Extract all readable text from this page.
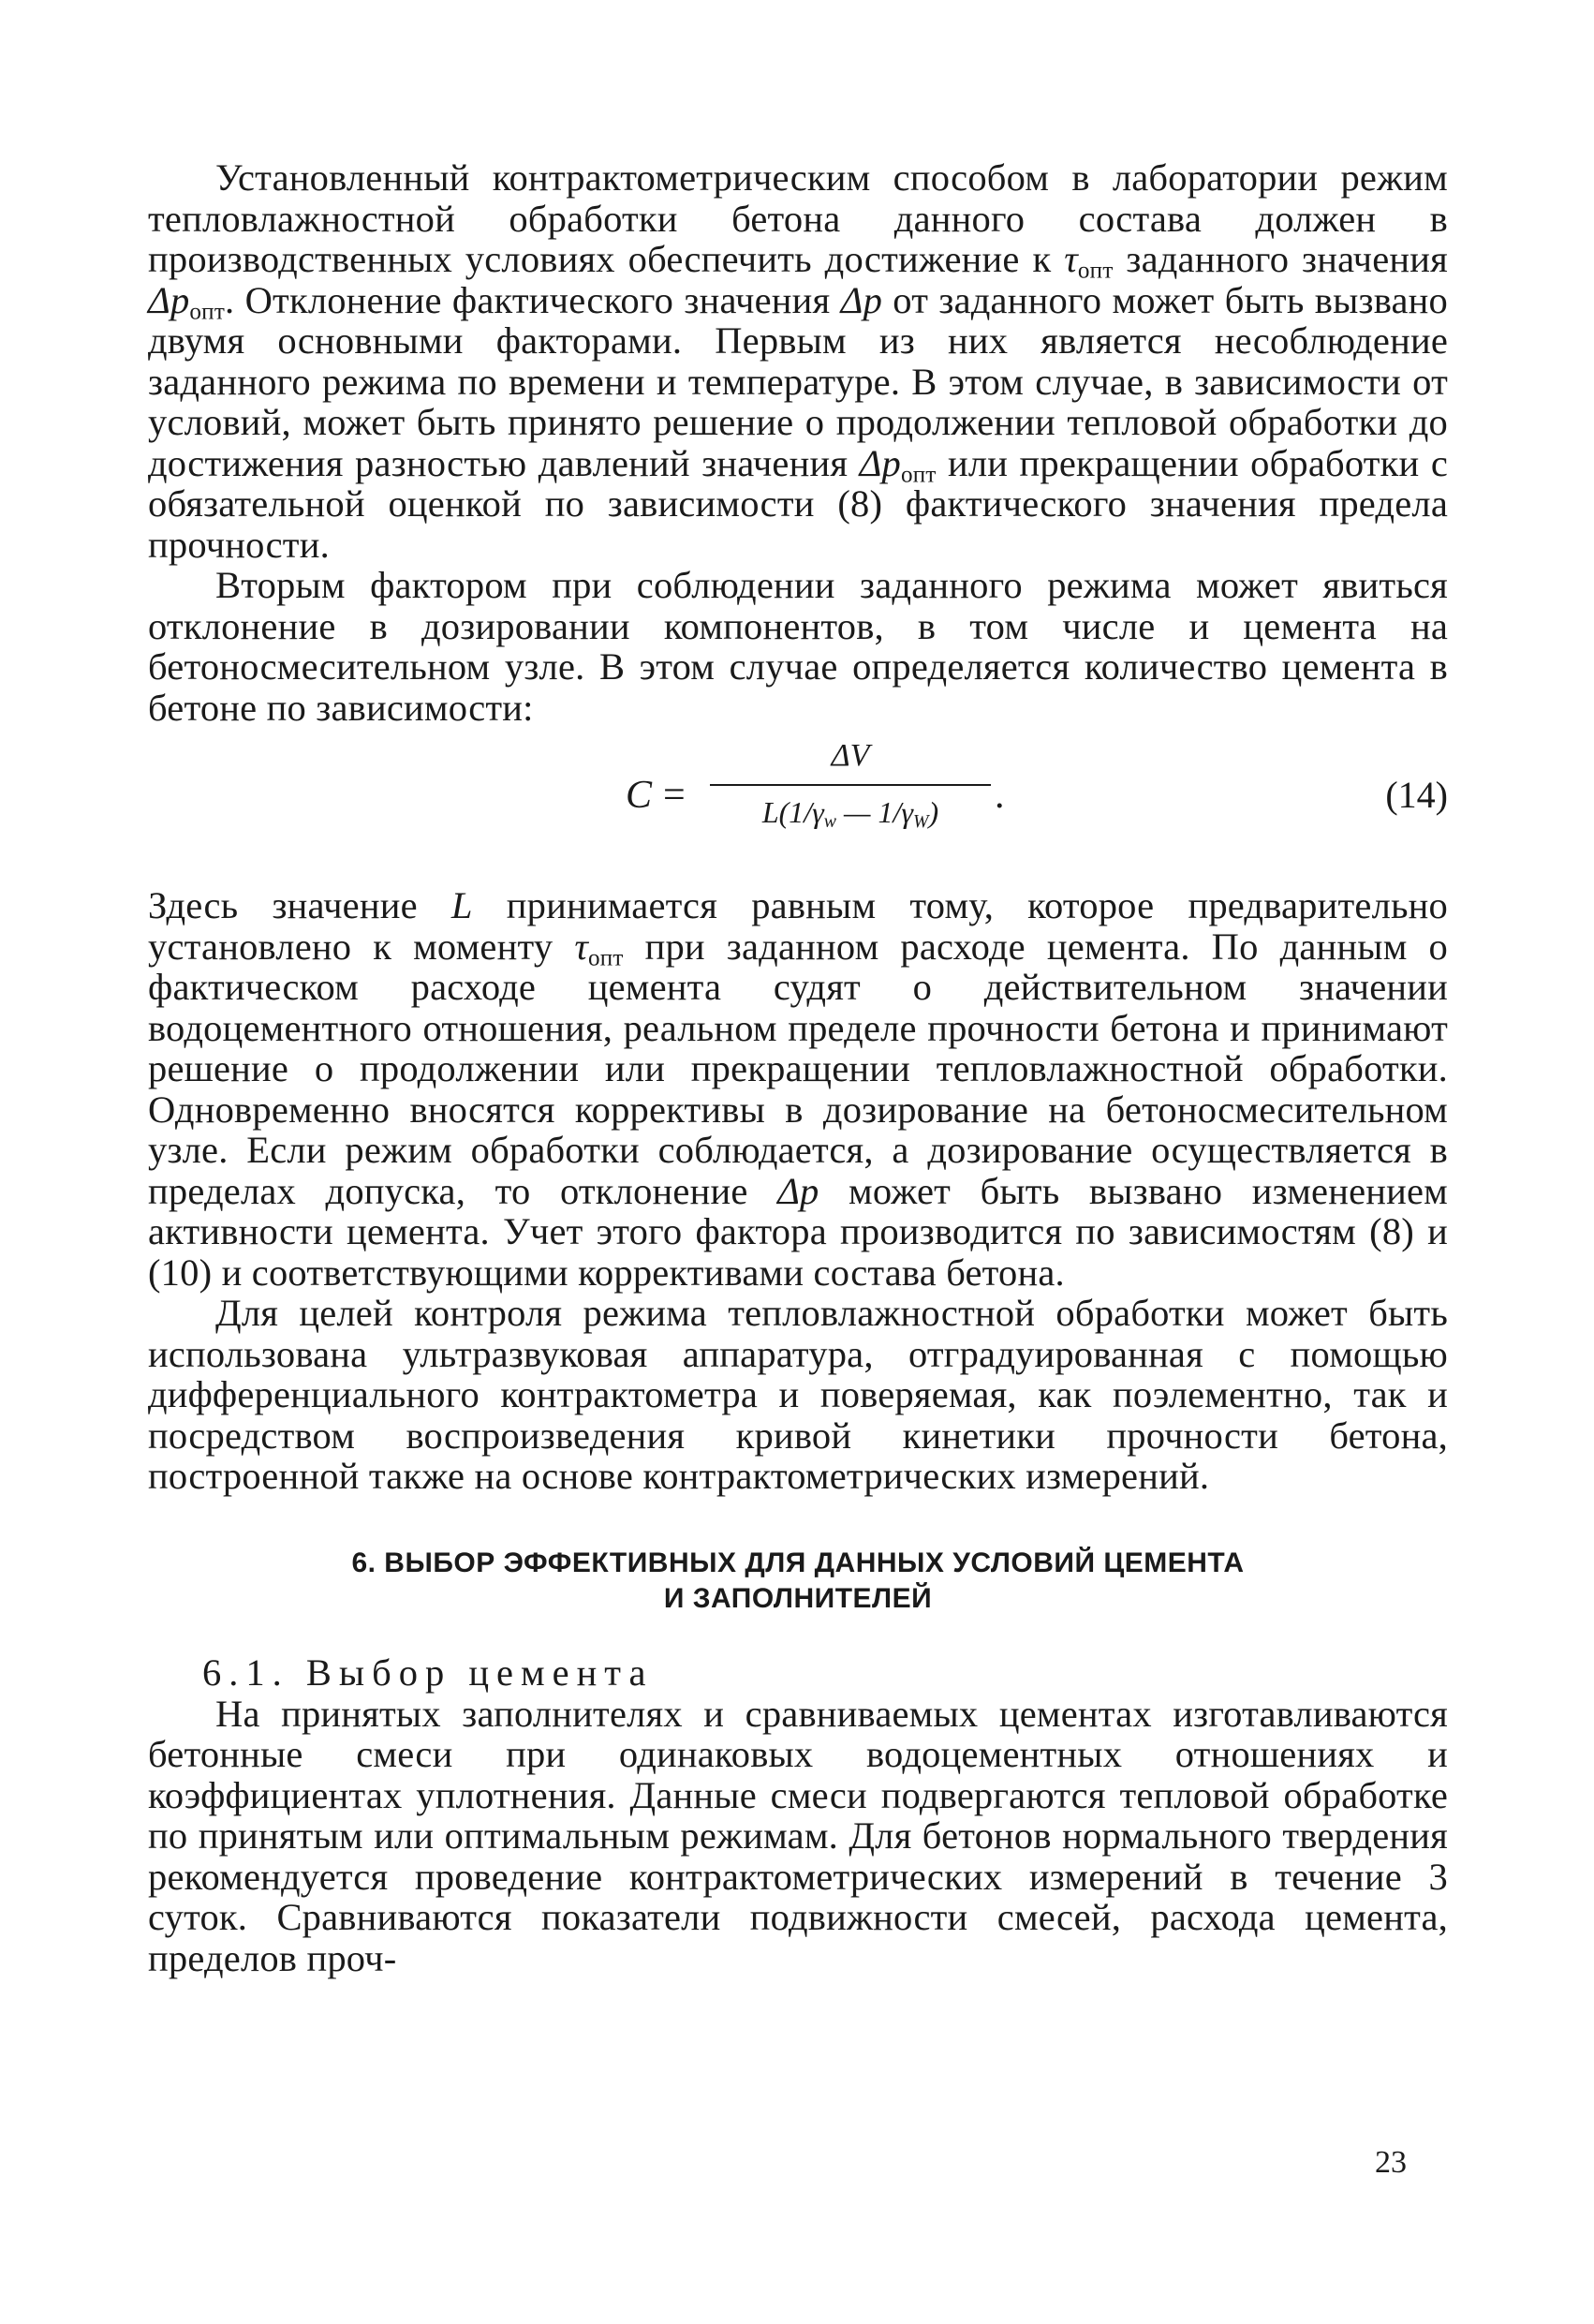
Установленный контрактометрическим способом в лаборатории режим тепловлажностной обработки бетона данного состава должен в производственных условиях обеспечить достижение к $\tau_{опт}$ заданного значения $\Delta p_{опт}$. Отклонение фактического значения Δp от заданного может быть вызвано двумя основными факторами. Первым из них является несоблюдение заданного режима по времени и температуре. В этом случае, в зависимости от условий, может быть принято решение о продолжении тепловой обработки до достижения разностью давлений значения $\Delta p_{опт}$ или прекращении обработки с обязательной оценкой по зависимости (8) фактического значения предела прочности.

Вторым фактором при соблюдении заданного режима может явиться отклонение в дозировании компонентов, в том числе и цемента на бетоносмесительном узле. В этом случае определяется количество цемента в бетоне по зависимости:

C =
ΔV
$L(1/\gamma_w$ — $1/\gamma_W$)	.	(14)

Здесь значение L принимается равным тому, которое предварительно установлено к моменту $\tau_{опт}$ при заданном расходе цемента. По данным о фактическом расходе цемента судят о действительном значении водоцементного отношения, реальном пределе прочности бетона и принимают решение о продолжении или прекращении тепловлажностной обработки. Одновременно вносятся коррективы в дозирование на бетоносмесительном узле. Если режим обработки соблюдается, а дозирование осуществляется в пределах допуска, то отклонение Δp может быть вызвано изменением активности цемента. Учет этого фактора производится по зависимостям (8) и (10) и соответствующими коррективами состава бетона.

Для целей контроля режима тепловлажностной обработки может быть использована ультразвуковая аппаратура, отградуированная с помощью дифференциального контрактометра и поверяемая, как поэлементно, так и посредством воспроизведения кривой кинетики прочности бетона, построенной также на основе контрактометрических измерений.

6. ВЫБОР ЭФФЕКТИВНЫХ ДЛЯ ДАННЫХ УСЛОВИЙ ЦЕМЕНТА
И ЗАПОЛНИТЕЛЕЙ
6.1. Выбор цемента

На принятых заполнителях и сравниваемых цементах изготавливаются бетонные смеси при одинаковых водоцементных отношениях и коэффициентах уплотнения. Данные смеси подвергаются тепловой обработке по принятым или оптимальным режимам. Для бетонов нормального твердения рекомендуется проведение контрактометрических измерений в течение 3 суток. Сравниваются показатели подвижности смесей, расхода цемента, пределов проч-

23
